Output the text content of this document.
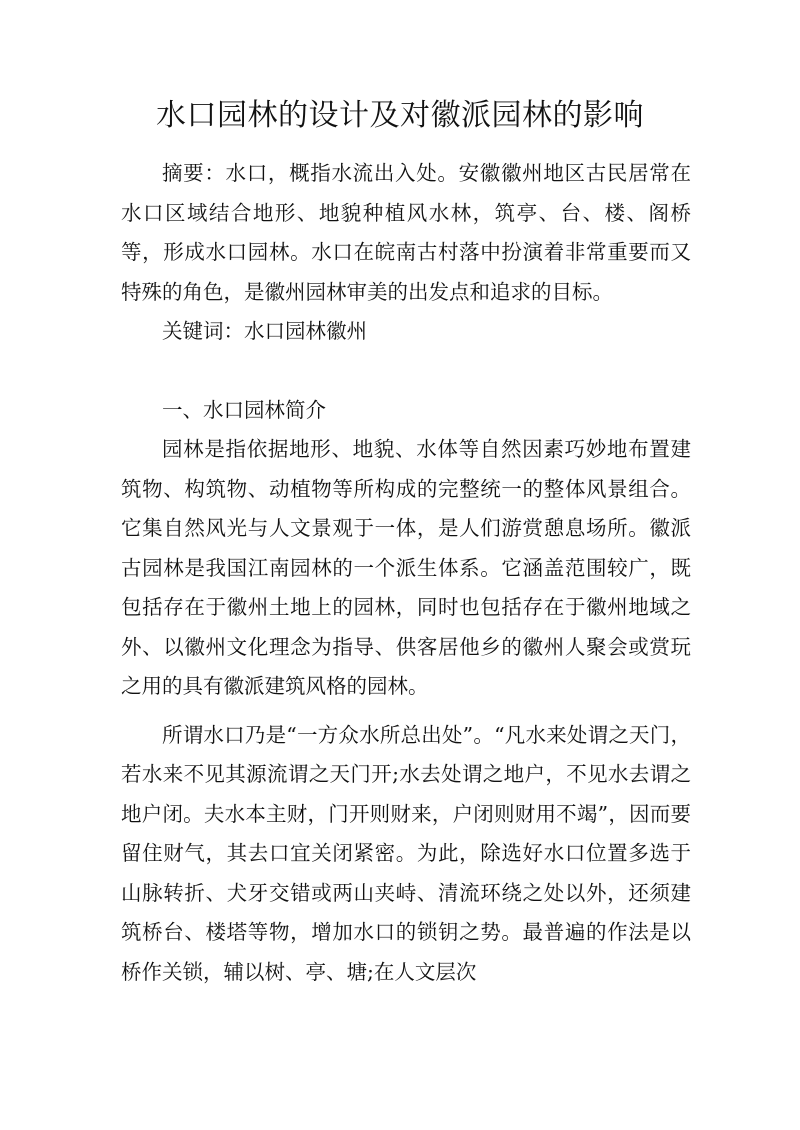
水口园林的设计及对徽派园林的影响

摘要：水口，概指水流出入处。安徽徽州地区古民居常在水口区域结合地形、地貌种植风水林，筑亭、台、楼、阁桥等，形成水口园林。水口在皖南古村落中扮演着非常重要而又特殊的角色，是徽州园林审美的出发点和追求的目标。

关键词：水口园林徽州

一、水口园林简介

园林是指依据地形、地貌、水体等自然因素巧妙地布置建筑物、构筑物、动植物等所构成的完整统一的整体风景组合。它集自然风光与人文景观于一体，是人们游赏憩息场所。徽派古园林是我国江南园林的一个派生体系。它涵盖范围较广，既包括存在于徽州土地上的园林，同时也包括存在于徽州地域之外、以徽州文化理念为指导、供客居他乡的徽州人聚会或赏玩之用的具有徽派建筑风格的园林。

所谓水口乃是“一方众水所总出处”。“凡水来处谓之天门，若水来不见其源流谓之天门开;水去处谓之地户，不见水去谓之地户闭。夫水本主财，门开则财来，户闭则财用不竭”，因而要留住财气，其去口宜关闭紧密。为此，除选好水口位置多选于山脉转折、犬牙交错或两山夹峙、清流环绕之处以外，还须建筑桥台、楼塔等物，增加水口的锁钥之势。最普遍的作法是以桥作关锁，辅以树、亭、塘;在人文层次
